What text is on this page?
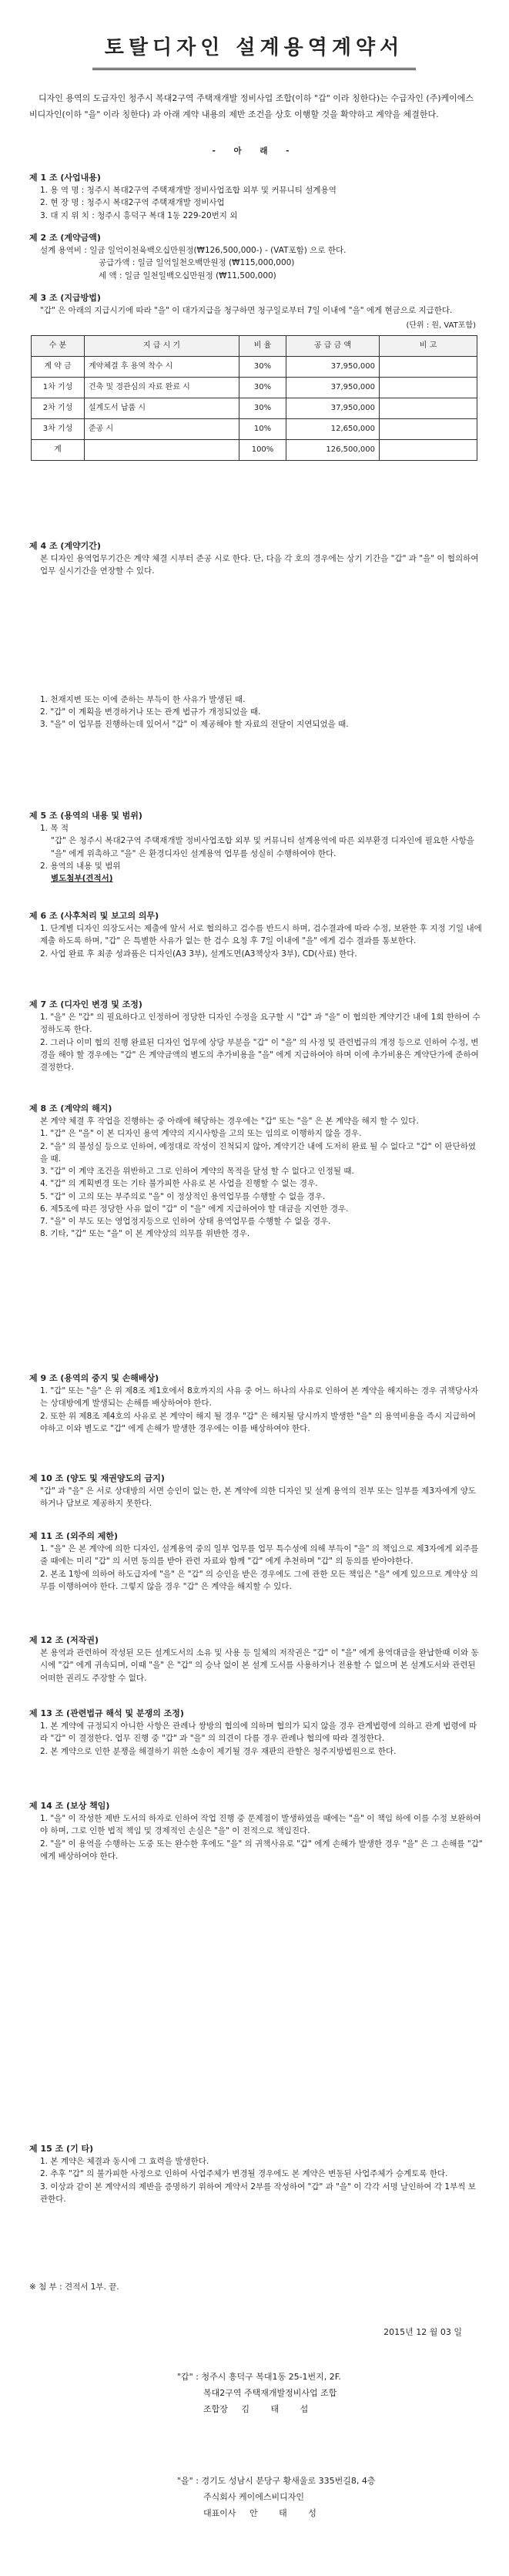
토탈디자인 설계용역계약서
디자인 용역의 도급자인 청주시 복대2구역 주택재개발 정비사업 조합(이하 "갑" 이라 칭한다)는 수급자인 (주)케이에스비디자인(이하 "을" 이라 칭한다) 과 아래 계약 내용의 제반 조건을 상호 이행할 것을 확약하고 계약을 체결한다.
- 아 래 -
제 1 조 (사업내용)
1. 용 역 명 : 청주시 복대2구역 주택재개발 정비사업조합 외부 및 커뮤니티 설계용역
2. 현 장 명 : 청주시 복대2구역 주택재개발 정비사업
3. 대 지 위 치 : 청주시 흥덕구 복대 1동 229-20번지 외
제 2 조 (계약금액)
설계 용역비 : 일금 일억이천육백오십만원정(₩126,500,000-) - (VAT포함) 으로 한다.
공급가액 : 일금 일억일천오백만원정 (₩115,000,000)
세 액 : 일금 일천일백오십만원정 (₩11,500,000)
제 3 조 (지급방법)
"갑" 은 아래의 지급시기에 따라 "을" 이 대가지급을 청구하면 청구일로부터 7일 이내에 "을" 에게 현금으로 지급한다.
(단위 : 원, VAT포함)
수 분	지 급 시 기	비 율	공 급 금 액	비 고
계 약 금	계약체결 후 용역 착수 시	30%	37,950,000	
1차 기성	건축 및 경관심의 자료 완료 시	30%	37,950,000	
2차 기성	설계도서 납품 시	30%	37,950,000	
3차 기성	준공 시	10%	12,650,000	
계		100%	126,500,000	
제 4 조 (계약기간)
본 디자인 용역업무기간은 계약 체결 시부터 준공 시로 한다. 단, 다음 각 호의 경우에는 상기 기간을 "갑" 과 "을" 이 협의하여 업무 실시기간을 연장할 수 있다.
1. 천재지변 또는 이에 준하는 부득이 한 사유가 발생된 때.
2. "갑" 이 계획을 변경하거나 또는 관계 법규가 개정되었을 때.
3. "을" 이 업무를 진행하는데 있어서 "갑" 이 제공해야 할 자료의 전달이 지연되었을 때.
제 5 조 (용역의 내용 및 범위)
1. 목 적
"갑" 은 청주시 복대2구역 주택재개발 정비사업조합 외부 및 커뮤니티 설계용역에 따른 외부환경 디자인에 필요한 사항을 "을" 에게 위촉하고 "을" 은 환경디자인 설계용역 업무를 성실히 수행하여야 한다.
2. 용역의 내용 및 범위
별도첨부(견적서)
제 6 조 (사후처리 및 보고의 의무)
1. 단계별 디자인 의장도서는 제출에 앞서 서로 협의하고 검수를 반드시 하며, 검수결과에 따라 수정, 보완한 후 지정 기일 내에 제출 하도록 하며, "갑" 은 특별한 사유가 없는 한 검수 요청 후 7일 이내에 "을" 에게 검수 결과를 통보한다.
2. 사업 완료 후 최종 성과품은 디자인(A3 3부), 설계도면(A3책상자 3부), CD(사료) 한다.
제 7 조 (디자인 변경 및 조정)
1. "을" 은 "갑" 의 필요하다고 인정하여 정당한 디자인 수정을 요구할 시 "갑" 과 "을" 이 협의한 계약기간 내에 1회 한하여 수정하도록 한다.
2. 그러나 이미 협의 진행 완료된 디자인 업무에 상당 부분을 "갑" 이 "을" 의 사정 및 관련법규의 개정 등으로 인하여 수정, 변경을 해야 할 경우에는 "갑" 은 계약금액의 별도의 추가비용을 "을" 에게 지급하여야 하며 이에 추가비용은 계약단가에 준하여 결정한다.
제 8 조 (계약의 해지)
본 계약 체결 후 작업을 진행하는 중 아래에 해당하는 경우에는 "갑" 또는 "을" 은 본 계약을 해지 할 수 있다.
1. "갑" 은 "을" 이 본 디자인 용역 계약의 지시사항을 고의 또는 임의로 이행하지 않을 경우.
2. "을" 의 불성실 등으로 인하여, 예정대로 작성이 진척되지 않아, 계약기간 내에 도저히 완료 될 수 없다고 "갑" 이 판단하였을 때.
3. "갑" 이 계약 조건을 위반하고 그로 인하여 계약의 목적을 달성 할 수 없다고 인정될 때.
4. "갑" 의 계획변경 또는 기타 불가피한 사유로 본 사업을 진행할 수 없는 경우.
5. "갑" 이 고의 또는 부주의로 "을" 이 정상적인 용역업무를 수행할 수 없을 경우.
6. 제5조에 따른 정당한 사유 없이 "갑" 이 "을" 에게 지급하여야 할 대금을 지연한 경우.
7. "을" 이 부도 또는 영업정지등으로 인하여 상태 용역업무를 수행할 수 없을 경우.
8. 기타, "갑" 또는 "을" 이 본 계약상의 의무를 위반한 경우.
제 9 조 (용역의 중지 및 손해배상)
1. "갑" 또는 "을" 은 위 제8조 제1호에서 8호까지의 사유 중 어느 하나의 사유로 인하여 본 계약을 해지하는 경우 귀책당사자는 상대방에게 발생되는 손해를 배상하여야 한다.
2. 또한 위 제8조 제4호의 사유로 본 계약이 해지 될 경우 "갑" 은 해지될 당시까지 발생한 "을" 의 용역비용을 즉시 지급하여야하고 이와 별도로 "갑" 에게 손해가 발생한 경우에는 이를 배상하여야 한다.
제 10 조 (양도 및 재권양도의 금지)
"갑" 과 "을" 은 서로 상대방의 서면 승인이 없는 한, 본 계약에 의한 디자인 및 설계 용역의 전부 또는 일부를 제3자에게 양도하거나 담보로 제공하지 못한다.
제 11 조 (외주의 제한)
1. "을" 은 본 계약에 의한 디자인, 설계용역 중의 일부 업무를 업무 특수성에 의해 부득이 "을" 의 책임으로 제3자에게 외주를 줄 때에는 미리 "갑" 의 서면 동의를 받아 관련 자료와 함께 "갑" 에게 추천하며 "갑" 의 동의를 받아야한다.
2. 본조 1항에 의하여 하도급자에 "을" 은 "갑" 의 승인을 받은 경우에도 그에 관한 모든 책임은 "을" 에게 있으므로 계약상 의무를 이행하여야 한다. 그렇지 않을 경우 "갑" 은 계약을 해지할 수 있다.
제 12 조 (저작권)
본 용역과 관련하여 작성된 모든 설계도서의 소유 및 사용 등 일체의 저작권은 "갑" 이 "을" 에게 용역대금을 완납한때 이와 동시에 "갑" 에게 귀속되며, 이때 "을" 은 "갑" 의 승낙 없이 본 설계 도서를 사용하거나 전용할 수 없으며 본 설계도서와 관련된 어떠한 권리도 주장할 수 없다.
제 13 조 (관련법규 해석 및 분쟁의 조정)
1. 본 계약에 규정되지 아니한 사항은 관례나 쌍방의 협의에 의하며 협의가 되지 않을 경우 관계법령에 의하고 관계 법령에 따라 "갑" 이 결정한다. 업무 진행 중 "갑" 과 "을" 의 의견이 다를 경우 관례나 협의에 따라 결정한다.
2. 본 계약으로 인한 분쟁을 해결하기 위한 소송이 제기될 경우 재판의 관할은 청주지방법원으로 한다.
제 14 조 (보상 책임)
1. "을" 이 작성한 제반 도서의 하자로 인하여 작업 진행 중 문제점이 발생하였을 때에는 "을" 이 책임 하에 이를 수정 보완하여야 하며, 그로 인한 법적 책임 및 경제적인 손실은 "을" 이 전적으로 책임진다.
2. "을" 이 용역을 수행하는 도중 또는 완수한 후에도 "을" 의 귀책사유로 "갑" 에게 손해가 발생한 경우 "을" 은 그 손해를 "갑" 에게 배상하여야 한다.
제 15 조 (기 타)
1. 본 계약은 체결과 동시에 그 효력을 발생한다.
2. 추후 "갑" 의 불가피한 사정으로 인하여 사업주체가 변경될 경우에도 본 계약은 변동된 사업주체가 승계토록 한다.
3. 이상과 같이 본 계약서의 제반을 증명하기 위하여 계약서 2부를 작성하여 "갑" 과 "을" 이 각각 서명 날인하여 각 1부씩 보관한다.
※ 첨 부 : 견적서 1부. 끝.
2015년 12 월 03 일
"갑" : 청주시 흥덕구 복대1동 25-1번지, 2F.
복대2구역 주택재개발정비사업 조합
조합장 김 태 섭
"을" : 경기도 성남시 분당구 황새울로 335번길8, 4층
주식회사 케이에스비디자인
대표이사 안 태 성
